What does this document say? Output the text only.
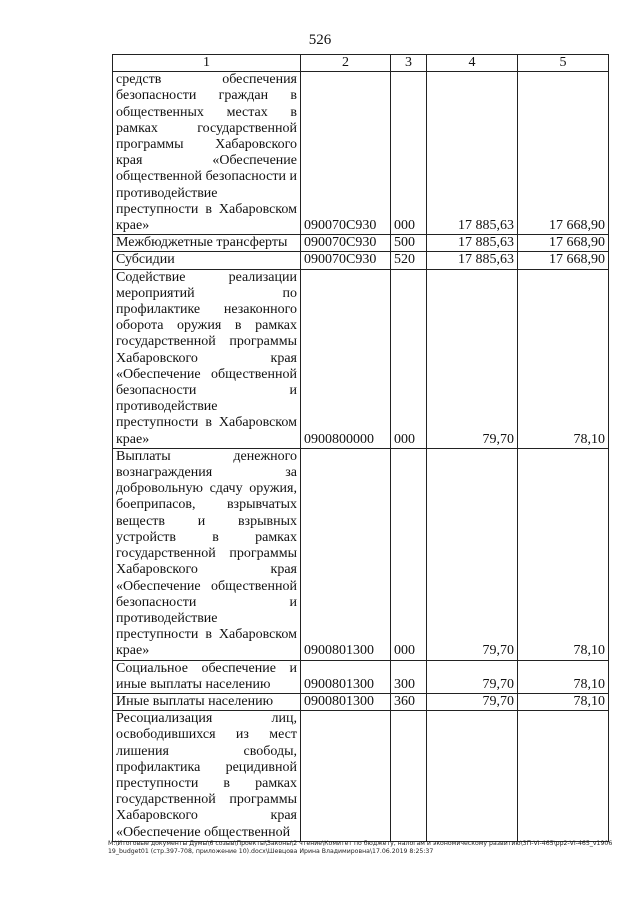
526
1	2	3	4	5
средств обеспечения безопасности граждан в общественных местах в рамках государственной программы Хабаровского края «Обеспечение общественной безопасности и противодействие преступности в Хабаровском крае»	090070С930	000	17 885,63	17 668,90
Межбюджетные трансферты	090070С930	500	17 885,63	17 668,90
Субсидии	090070С930	520	17 885,63	17 668,90
Содействие реализации мероприятий по профилактике незаконного оборота оружия в рамках государственной программы Хабаровского края «Обеспечение общественной безопасности и противодействие преступности в Хабаровском крае»	0900800000	000	79,70	78,10
Выплаты денежного вознаграждения за добровольную сдачу оружия, боеприпасов, взрывчатых веществ и взрывных устройств в рамках государственной программы Хабаровского края «Обеспечение общественной безопасности и противодействие преступности в Хабаровском крае»	0900801300	000	79,70	78,10
Социальное обеспечение и иные выплаты населению	0900801300	300	79,70	78,10
Иные выплаты населению	0900801300	360	79,70	78,10
Ресоциализация лиц, освободившихся из мест лишения свободы, профилактика рецидивной преступности в рамках государственной программы Хабаровского края «Обеспечение общественной				
М:\Итоговые документы Думы\6 созыв\Проекты\Законы\2 чтение\Комитет по бюджету, налогам и экономическому развитию\3П-VI-465\рр2-VI-465_v190619_budget01 (стр.397-708, приложение 10).docx\Шевцова Ирина Владимировна\17.06.2019 8:25:37
